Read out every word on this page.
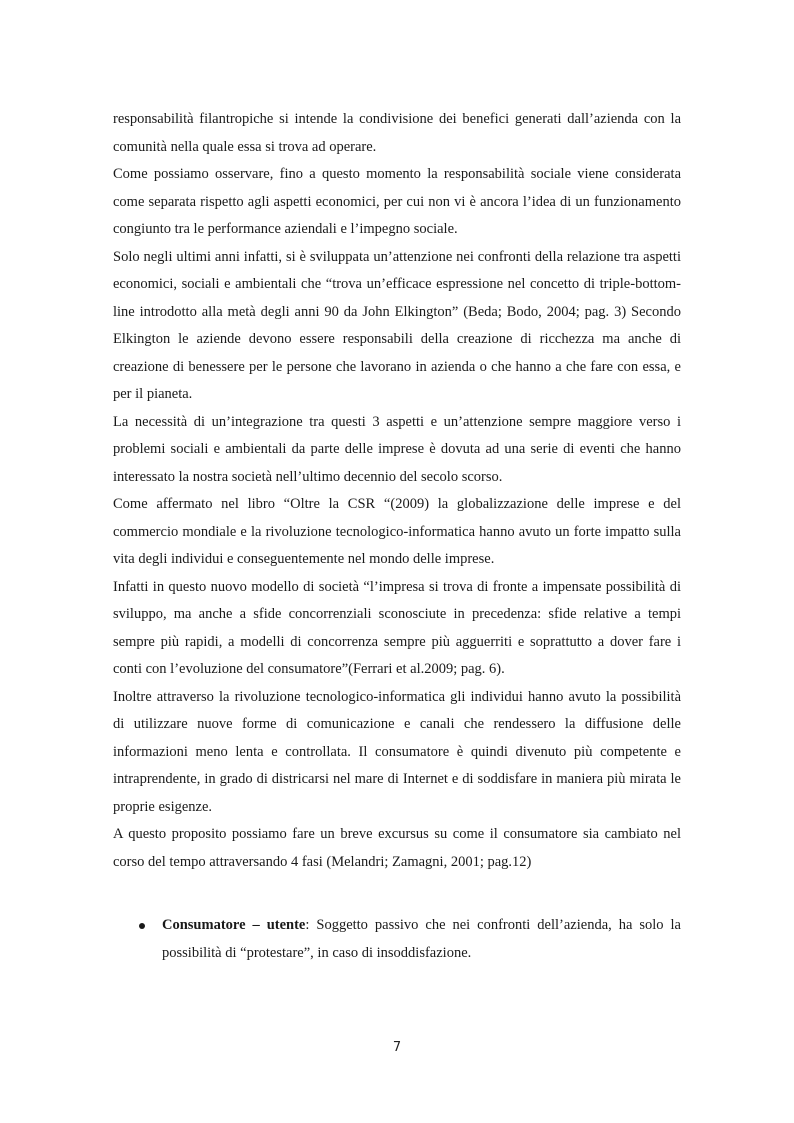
responsabilità filantropiche si intende la condivisione dei benefici generati dall’azienda con la comunità nella quale essa si trova ad operare.

Come possiamo osservare, fino a questo momento la responsabilità sociale viene considerata come separata rispetto agli aspetti economici, per cui non vi è ancora l’idea di un funzionamento congiunto tra le performance aziendali e l’impegno sociale.

Solo negli ultimi anni infatti, si è sviluppata un’attenzione nei confronti della relazione tra aspetti economici, sociali e ambientali che “trova un’efficace espressione nel concetto di triple-bottom-line introdotto alla metà degli anni 90 da John Elkington” (Beda; Bodo, 2004; pag. 3) Secondo Elkington le aziende devono essere responsabili della creazione di ricchezza ma anche di creazione di benessere per le persone che lavorano in azienda o che hanno a che fare con essa, e per il pianeta.

La necessità di un’integrazione tra questi 3 aspetti e un’attenzione sempre maggiore verso i problemi sociali e ambientali da parte delle imprese è dovuta ad una serie di eventi che hanno interessato la nostra società nell’ultimo decennio del secolo scorso.

Come affermato nel libro “Oltre la CSR “(2009) la globalizzazione delle imprese e del commercio mondiale e la rivoluzione tecnologico-informatica hanno avuto un forte impatto sulla vita degli individui e conseguentemente nel mondo delle imprese.

Infatti in questo nuovo modello di società “l’impresa si trova di fronte a impensate possibilità di sviluppo, ma anche a sfide concorrenziali sconosciute in precedenza: sfide relative a tempi sempre più rapidi, a modelli di concorrenza sempre più agguerriti e soprattutto a dover fare i conti con l’evoluzione del consumatore”(Ferrari et al.2009; pag. 6).

Inoltre attraverso la rivoluzione tecnologico-informatica gli individui hanno avuto la possibilità di utilizzare nuove forme di comunicazione e canali che rendessero la diffusione delle informazioni meno lenta e controllata. Il consumatore è quindi divenuto più competente e intraprendente, in grado di districarsi nel mare di Internet e di soddisfare in maniera più mirata le proprie esigenze.

A questo proposito possiamo fare un breve excursus su come il consumatore sia cambiato nel corso del tempo attraversando 4 fasi (Melandri; Zamagni, 2001; pag.12)

Consumatore – utente: Soggetto passivo che nei confronti dell’azienda, ha solo la possibilità di “protestare”, in caso di insoddisfazione.
7
